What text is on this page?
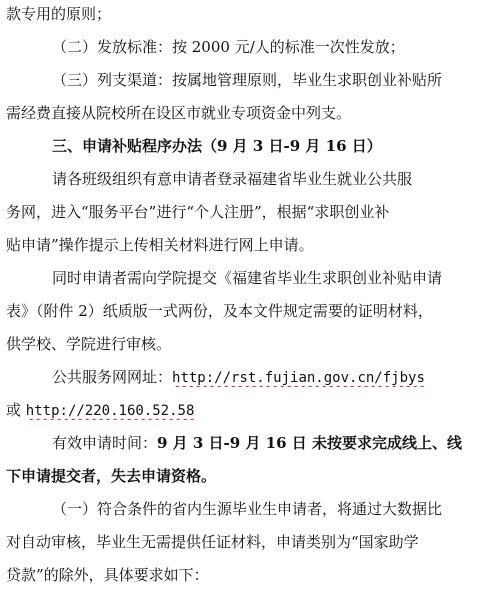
款专用的原则；
（二）发放标准：按 2000 元/人的标准一次性发放；
（三）列支渠道：按属地管理原则，毕业生求职创业补贴所
需经费直接从院校所在设区市就业专项资金中列支。
三、申请补贴程序办法（9 月 3 日-9 月 16 日）
请各班级组织有意申请者登录福建省毕业生就业公共服
务网，进入“服务平台”进行“个人注册”，根据“求职创业补
贴申请”操作提示上传相关材料进行网上申请。
同时申请者需向学院提交《福建省毕业生求职创业补贴申请
表》（附件 2）纸质版一式两份，及本文件规定需要的证明材料，
供学校、学院进行审核。
公共服务网网址：http://rst.fujian.gov.cn/fjbys
或 http://220.160.52.58
有效申请时间：9 月 3 日-9 月 16 日 未按要求完成线上、线
下申请提交者，失去申请资格。
（一）符合条件的省内生源毕业生申请者，将通过大数据比
对自动审核，毕业生无需提供任证材料，申请类别为“国家助学
贷款”的除外，具体要求如下：
